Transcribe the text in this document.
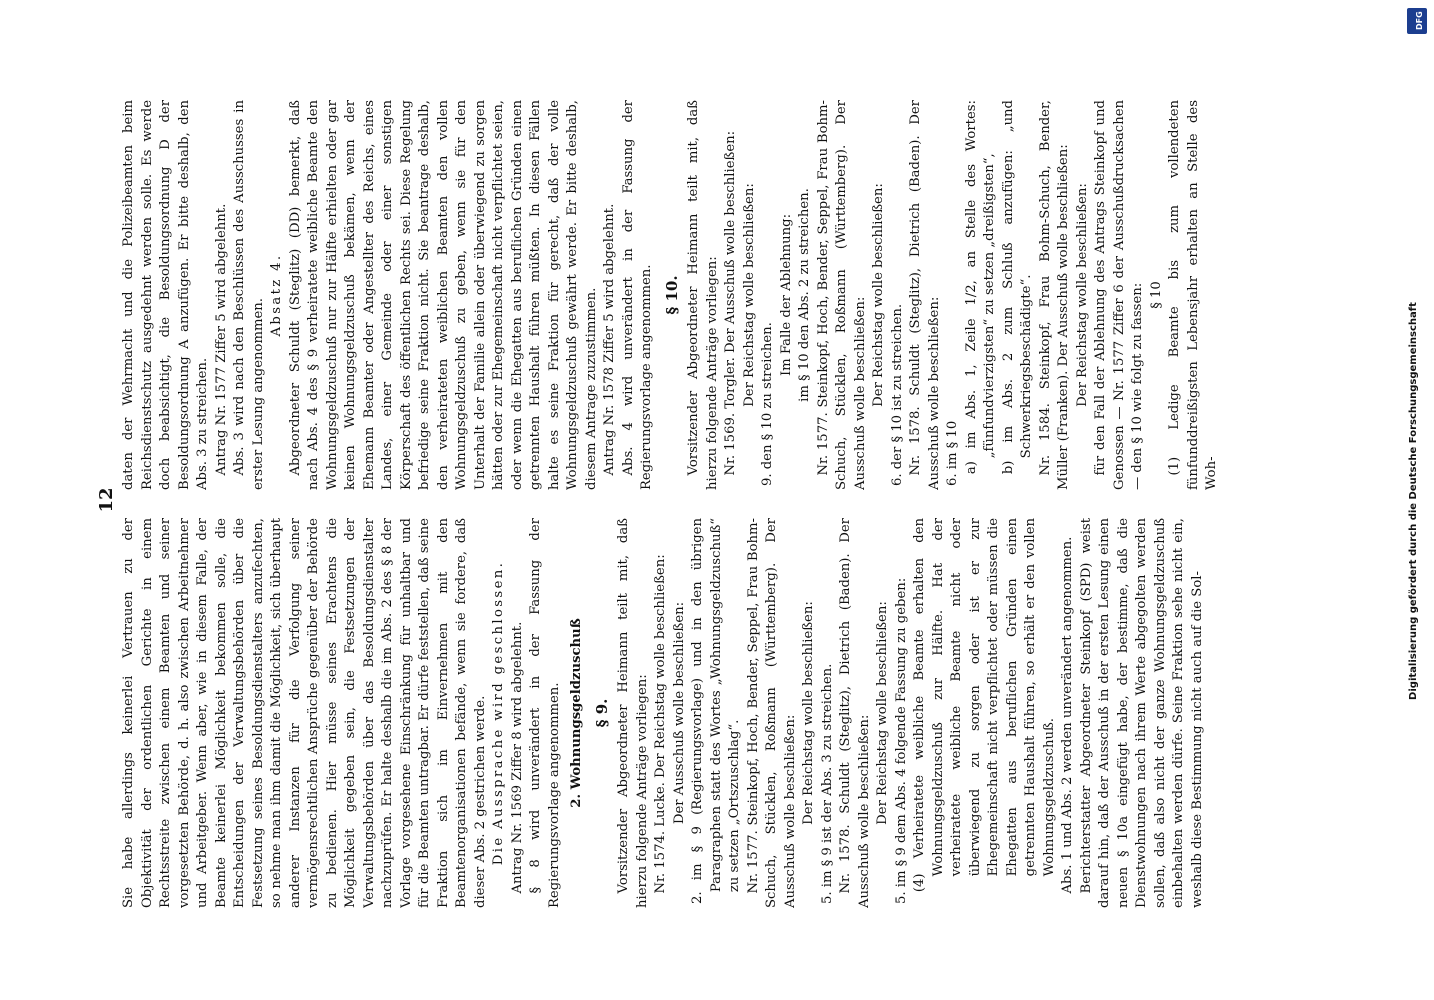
12

Sie habe allerdings keinerlei Vertrauen zu der Objektivität der ordentlichen Gerichte in einem Rechtsstreite zwischen einem Beamten und seiner vorgesetzten Behörde, d. h. also zwischen Arbeitnehmer und Arbeitgeber. Wenn aber, wie in diesem Falle, der Beamte keinerlei Möglichkeit bekommen solle, die Entscheidungen der Verwaltungsbehörden über die Festsetzung seines Besoldungsdienstalters anzufechten, so nehme man ihm damit die Möglichkeit, sich überhaupt anderer Instanzen für die Verfolgung seiner vermögensrechtlichen Ansprüche gegenüber der Behörde zu bedienen. Hier müsse seines Erachtens die Möglichkeit gegeben sein, die Festsetzungen der Verwaltungsbehörden über das Besoldungsdienstalter nachzuprüfen. Er halte deshalb die im Abs. 2 des § 8 der Vorlage vorgesehene Einschränkung für unhaltbar und für die Beamten untragbar. Er dürfe feststellen, daß seine Fraktion sich im Einvernehmen mit den Beamtenorganisationen befände, wenn sie fordere, daß dieser Abs. 2 gestrichen werde. Die Aussprache wird geschlossen. Antrag Nr. 1569 Ziffer 8 wird abgelehnt. § 8 wird unverändert in der Fassung der Regierungsvorlage angenommen. 2. Wohnungsgeldzuschuß § 9. Vorsitzender Abgeordneter Heimann teilt mit, daß hierzu folgende Anträge vorliegen: Nr. 1574. Lucke. Der Reichstag wolle beschließen: Der Ausschuß wolle beschließen: 2. im § 9 (Regierungsvorlage) und in den übrigen Paragraphen statt des Wortes „Wohnungsgeldzuschuß“ zu setzen „Ortszuschlag“. Nr. 1577. Steinkopf, Hoch, Bender, Seppel, Frau Bohm-Schuch, Stücklen, Roßmann (Württemberg). Der Ausschuß wolle beschließen: Der Reichstag wolle beschließen: 5. im § 9 ist der Abs. 3 zu streichen. Nr. 1578. Schuldt (Steglitz), Dietrich (Baden). Der Ausschuß wolle beschließen: Der Reichstag wolle beschließen: 5. im § 9 dem Abs. 4 folgende Fassung zu geben: (4) Verheiratete weibliche Beamte erhalten den Wohnungsgeldzuschuß zur Hälfte. Hat der verheiratete weibliche Beamte nicht oder überwiegend zu sorgen oder ist er zur Ehegemeinschaft nicht verpflichtet oder müssen die Ehegatten aus beruflichen Gründen einen getrennten Haushalt führen, so erhält er den vollen Wohnungsgeldzuschuß. Abs. 1 und Abs. 2 werden unverändert angenommen. Berichterstatter Abgeordneter Steinkopf (SPD) weist darauf hin, daß der Ausschuß in der ersten Lesung einen neuen § 10a eingefügt habe, der bestimme, daß die Dienstwohnungen nach ihrem Werte abgegolten werden sollen, daß also nicht der ganze Wohnungsgeldzuschuß einbehalten werden dürfe. Seine Fraktion sehe nicht ein, weshalb diese Bestimmung nicht auch auf die Sol-

daten der Wehrmacht und die Polizeibeamten beim Reichsdienstschutz ausgedehnt werden solle. Es werde doch beabsichtigt, die Besoldungsordnung D der Besoldungsordnung A anzufügen. Er bitte deshalb, den Abs. 3 zu streichen. Antrag Nr. 1577 Ziffer 5 wird abgelehnt. Abs. 3 wird nach den Beschlüssen des Ausschusses in erster Lesung angenommen.

Absatz 4. Abgeordneter Schuldt (Steglitz) (DD) bemerkt, daß nach Abs. 4 des § 9 verheiratete weibliche Beamte den Wohnungsgeldzuschuß nur zur Hälfte erhielten oder gar keinen Wohnungsgeldzuschuß bekämen, wenn der Ehemann Beamter oder Angestellter des Reichs, eines Landes, einer Gemeinde oder einer sonstigen Körperschaft des öffentlichen Rechts sei. Diese Regelung befriedige seine Fraktion nicht. Sie beantrage deshalb, den verheirateten weiblichen Beamten den vollen Wohnungsgeldzuschuß zu geben, wenn sie für den Unterhalt der Familie allein oder überwiegend zu sorgen hätten oder zur Ehegemeinschaft nicht verpflichtet seien, oder wenn die Ehegatten aus beruflichen Gründen einen getrennten Haushalt führen müßten. In diesen Fällen halte es seine Fraktion für gerecht, daß der volle Wohnungsgeldzuschuß gewährt werde. Er bitte deshalb, diesem Antrage zuzustimmen. Antrag Nr. 1578 Ziffer 5 wird abgelehnt. Abs. 4 wird unverändert in der Fassung der Regierungsvorlage angenommen. § 10. Vorsitzender Abgeordneter Heimann teilt mit, daß hierzu folgende Anträge vorliegen: Nr. 1569. Torgler. Der Ausschuß wolle beschließen: Der Reichstag wolle beschließen: 9. den § 10 zu streichen.

Im Falle der Ablehnung: im § 10 den Abs. 2 zu streichen. Nr. 1577. Steinkopf, Hoch, Bender, Seppel, Frau Bohm-Schuch, Stücklen, Roßmann (Württemberg). Der Ausschuß wolle beschließen: Der Reichstag wolle beschließen: 6. der § 10 ist zu streichen. Nr. 1578. Schuldt (Steglitz), Dietrich (Baden). Der Ausschuß wolle beschließen: 6. im § 10 a) im Abs. 1, Zeile 1/2, an Stelle des Wortes: „fünfundvierzigsten“ zu setzen „dreißigsten“, b) im Abs. 2 zum Schluß anzufügen: „und Schwerkriegsbeschädigte“. Nr. 1584. Steinkopf, Frau Bohm-Schuch, Bender, Müller (Franken). Der Ausschuß wolle beschließen: Der Reichstag wolle beschließen: für den Fall der Ablehnung des Antrags Steinkopf und Genossen — Nr. 1577 Ziffer 6 der Ausschußdrucksachen — den § 10 wie folgt zu fassen: § 10 (1) Ledige Beamte bis zum vollendeten fünfunddreißigsten Lebensjahr erhalten an Stelle des Woh-	Digitalisierung gefördert durch die Deutsche Forschungsgemeinschaft
DFG
